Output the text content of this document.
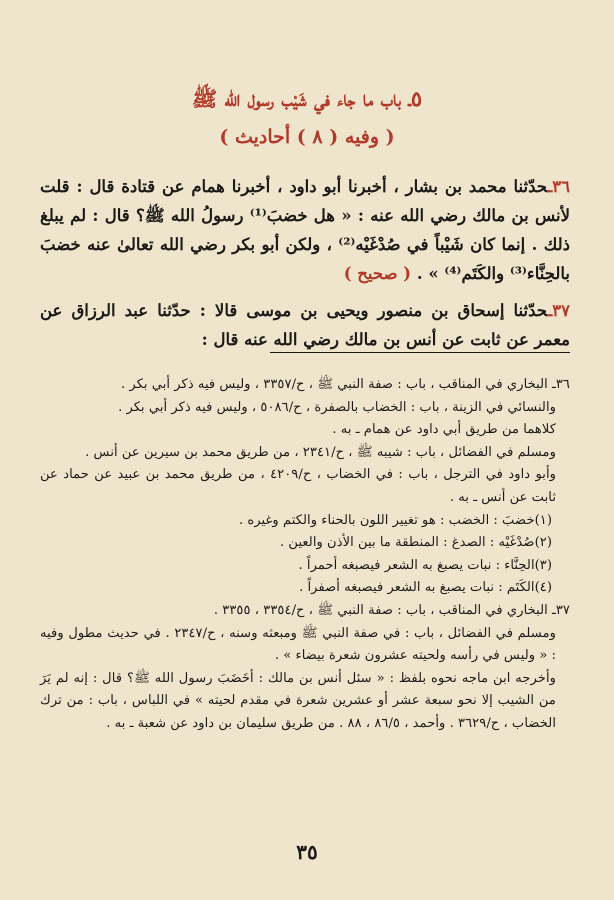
٥ـ باب ما جاء في شَيْب رسول الله ﷺ
( وفيه ( ٨ ) أحاديث )

٣٦ـحدّثنا محمد بن بشار ، أخبرنا أبو داود ، أخبرنا همام عن قتادة قال : قلت لأنس بن مالك رضي الله عنه : « هل خضبَ⁽¹⁾ رسولُ الله ﷺ؟ قال : لم يبلغ ذلك . إنما كان شَيْباً في صُدْغَيْه⁽²⁾ ، ولكن أبو بكر رضي الله تعالىٰ عنه خضبَ بالحِنَّاء⁽³⁾ والكَتَم⁽⁴⁾ » . ( صحيح )

٣٧ـحدّثنا إسحاق بن منصور ويحيى بن موسى قالا : حدّثنا عبد الرزاق عن معمر عن ثابت عن أنس بن مالك رضي الله عنه قال :

٣٦ـ البخاري في المناقب ، باب : صفة النبي ﷺ ، ح/٣٣٥٧ ، وليس فيه ذكر أبي بكر .

والنسائي في الزينة ، باب : الخضاب بالصفرة ، ح/٥٠٨٦ ، وليس فيه ذكر أبي بكر .

كلاهما من طريق أبي داود عن همام ـ به .

ومسلم في الفضائل ، باب : شيبه ﷺ ، ح/٢٣٤١ ، من طريق محمد بن سيرين عن أنس .

وأبو داود في الترجل ، باب : في الخضاب ، ح/٤٢٠٩ ، من طريق محمد بن عبيد عن حماد عن ثابت عن أنس ـ به .

(١)خضبَ : الخضب : هو تغيير اللون بالحناء والكتم وغيره .

(٢)صُدْغَيْه : الصدغ : المنطقة ما بين الأذن والعين .

(٣)الحِنَّاء : نبات يصبغ به الشعر فيصبغه أحمراً .

(٤)الكَتَم : نبات يصبغ به الشعر فيصبغه أصفراً .

٣٧ـ البخاري في المناقب ، باب : صفة النبي ﷺ ، ح/٣٣٥٤ ، ٣٣٥٥ .

ومسلم في الفضائل ، باب : في صفة النبي ﷺ ومبعثه وسنه ، ح/٢٣٤٧ . في حديث مطول وفيه : « وليس في رأسه ولحيته عشرون شعرة بيضاء » .

وأخرجه ابن ماجه نحوه بلفظ : « سئل أنس بن مالك : أخَضَبَ رسول الله ﷺ؟ قال : إنه لم يَرَ من الشيب إلا نحو سبعة عشر أو عشرين شعرة في مقدم لحيته » في اللباس ، باب : من ترك الخضاب ، ح/٣٦٢٩ . وأحمد ، ٨٦/٥ ، ٨٨ . من طريق سليمان بن داود عن شعبة ـ به .

٣٥
